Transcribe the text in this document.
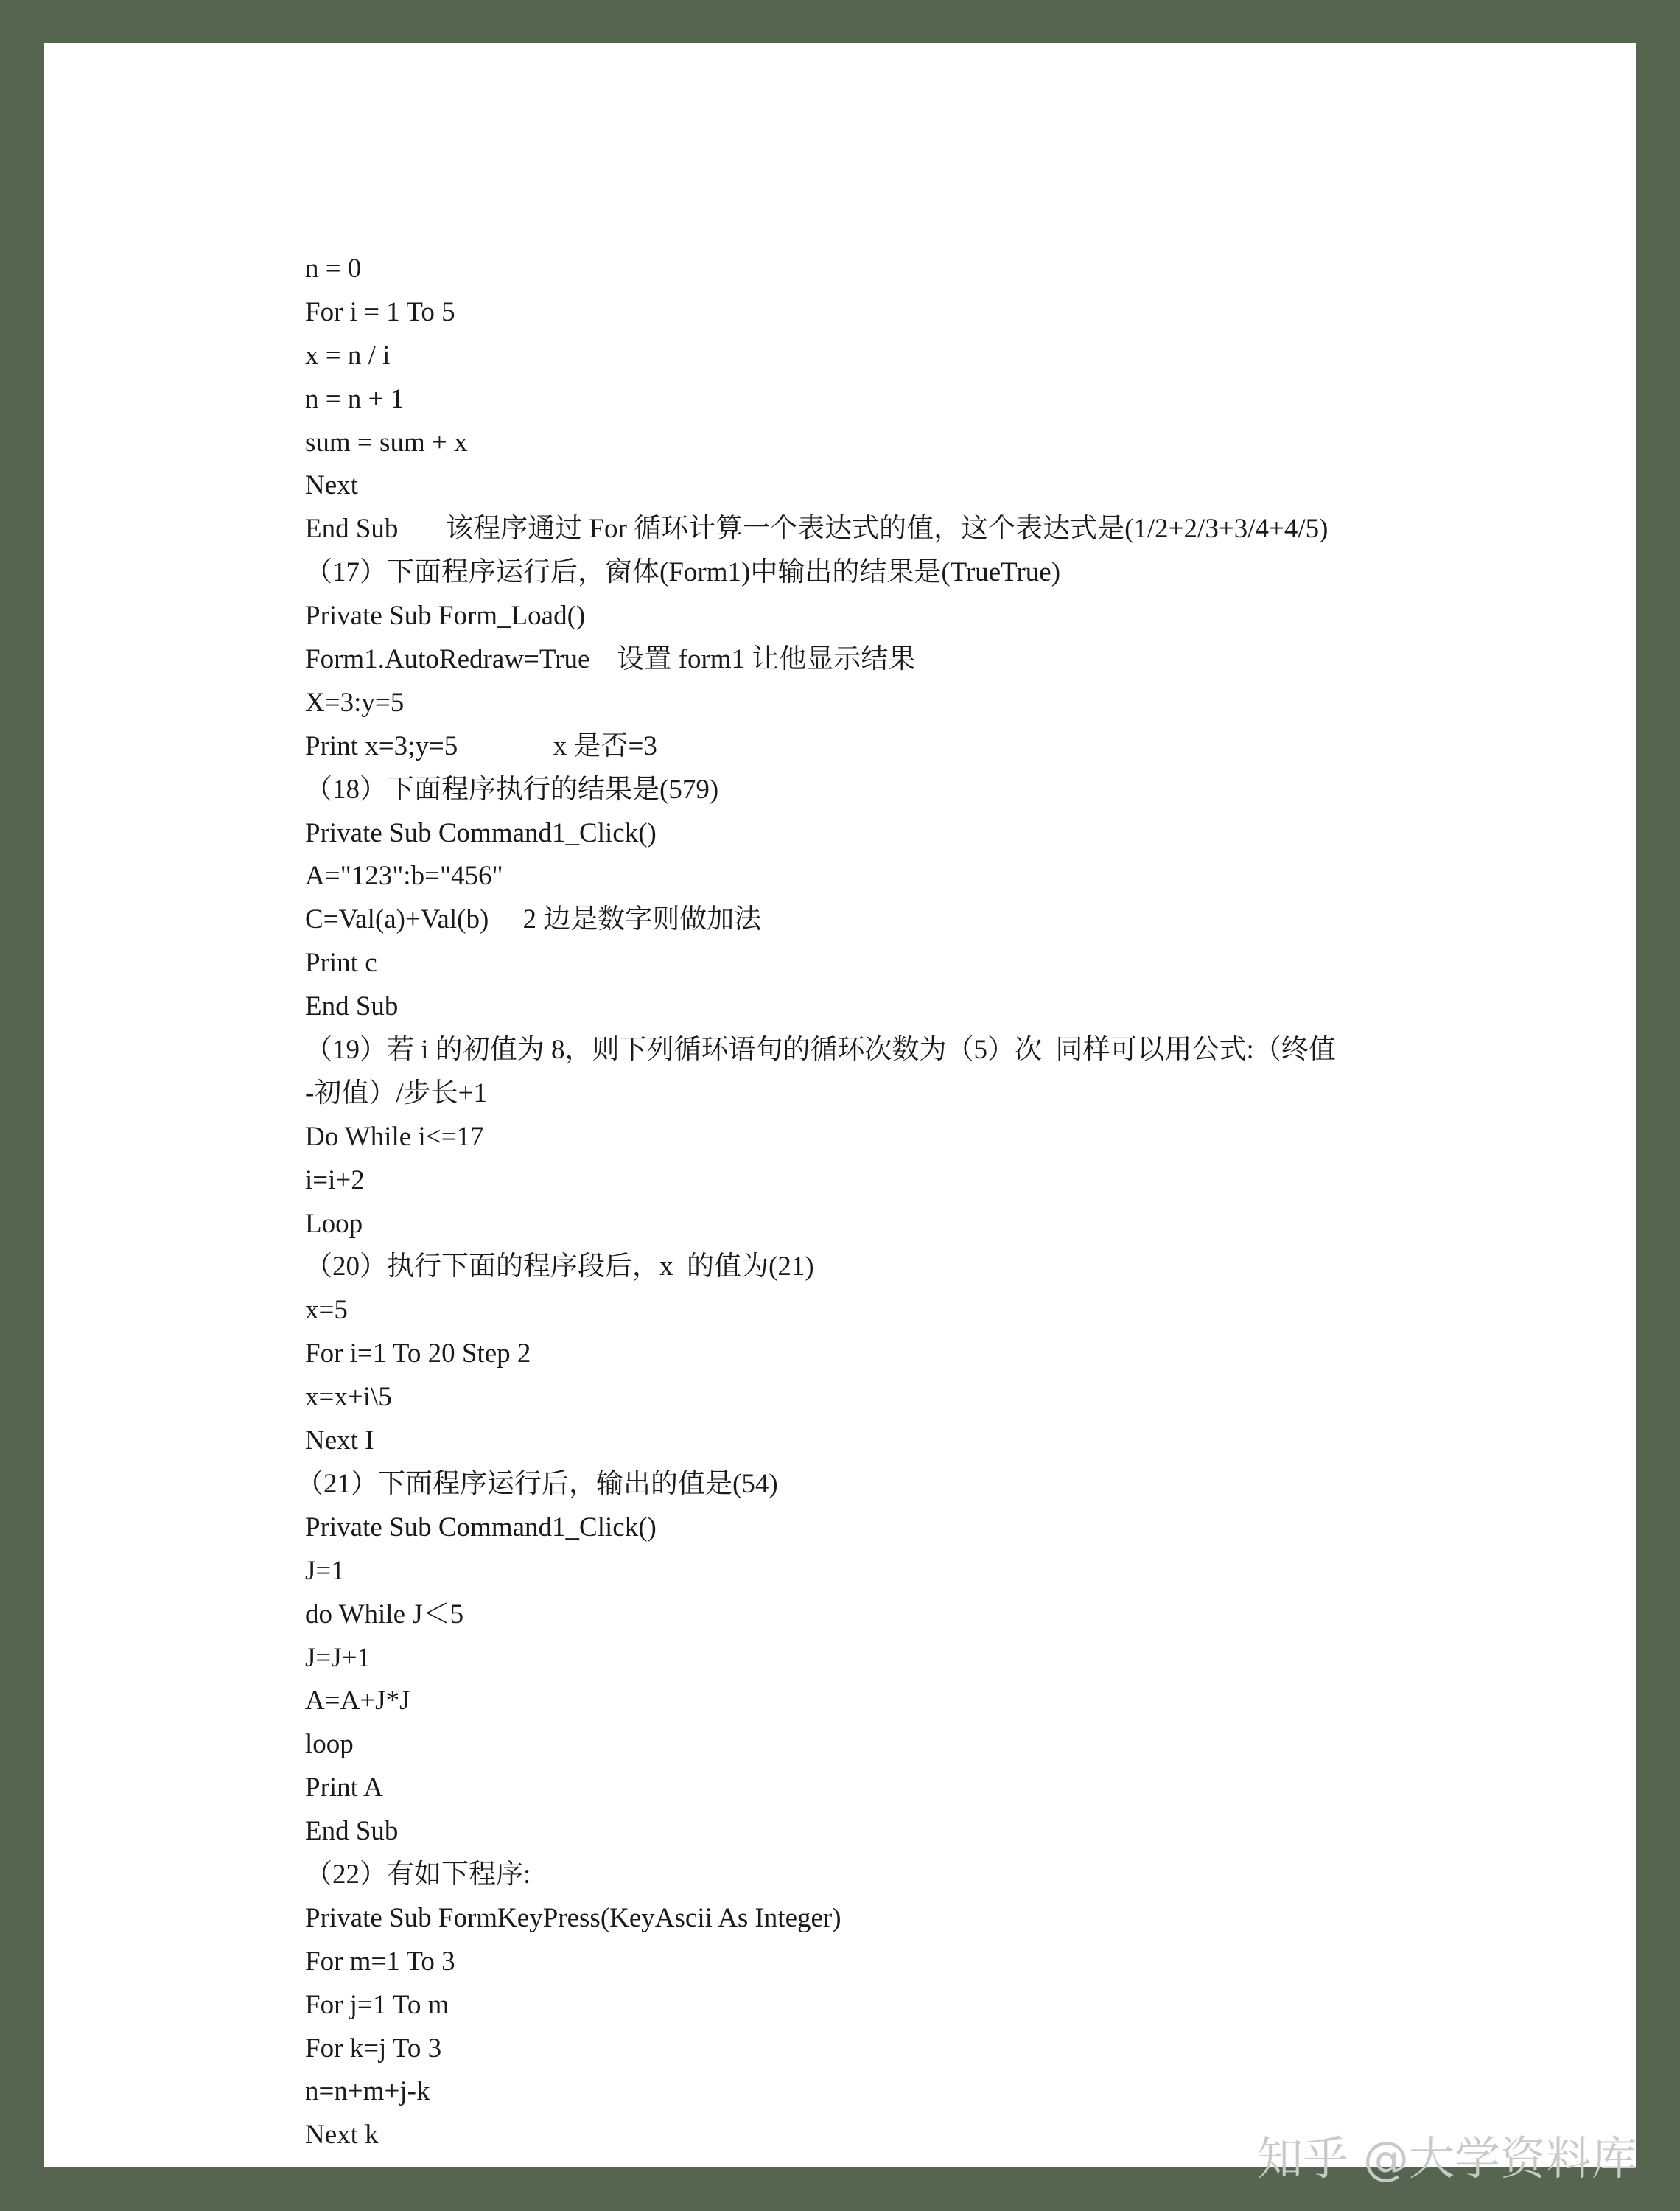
n = 0
For i = 1 To 5
x = n / i
n = n + 1
sum = sum + x
Next
End Sub       该程序通过 For 循环计算一个表达式的值，这个表达式是(1/2+2/3+3/4+4/5)
（17）下面程序运行后，窗体(Form1)中输出的结果是(TrueTrue)
Private Sub Form_Load()
Form1.AutoRedraw=True    设置 form1 让他显示结果
X=3:y=5
Print x=3;y=5              x 是否=3
（18）下面程序执行的结果是(579)
Private Sub Command1_Click()
A="123":b="456"
C=Val(a)+Val(b)     2 边是数字则做加法
Print c
End Sub
（19）若 i 的初值为 8，则下列循环语句的循环次数为（5）次  同样可以用公式:（终值
-初值）/步长+1
Do While i<=17
i=i+2
Loop
（20）执行下面的程序段后，x  的值为(21)
x=5
For i=1 To 20 Step 2
x=x+i\5
Next I
（21）下面程序运行后，输出的值是(54)
Private Sub Command1_Click()
J=1
do While J＜5
J=J+1
A=A+J*J
loop
Print A
End Sub
（22）有如下程序:
Private Sub FormKeyPress(KeyAscii As Integer)
For m=1 To 3
For j=1 To m
For k=j To 3
n=n+m+j-k
Next k	知乎 @大学资料库
